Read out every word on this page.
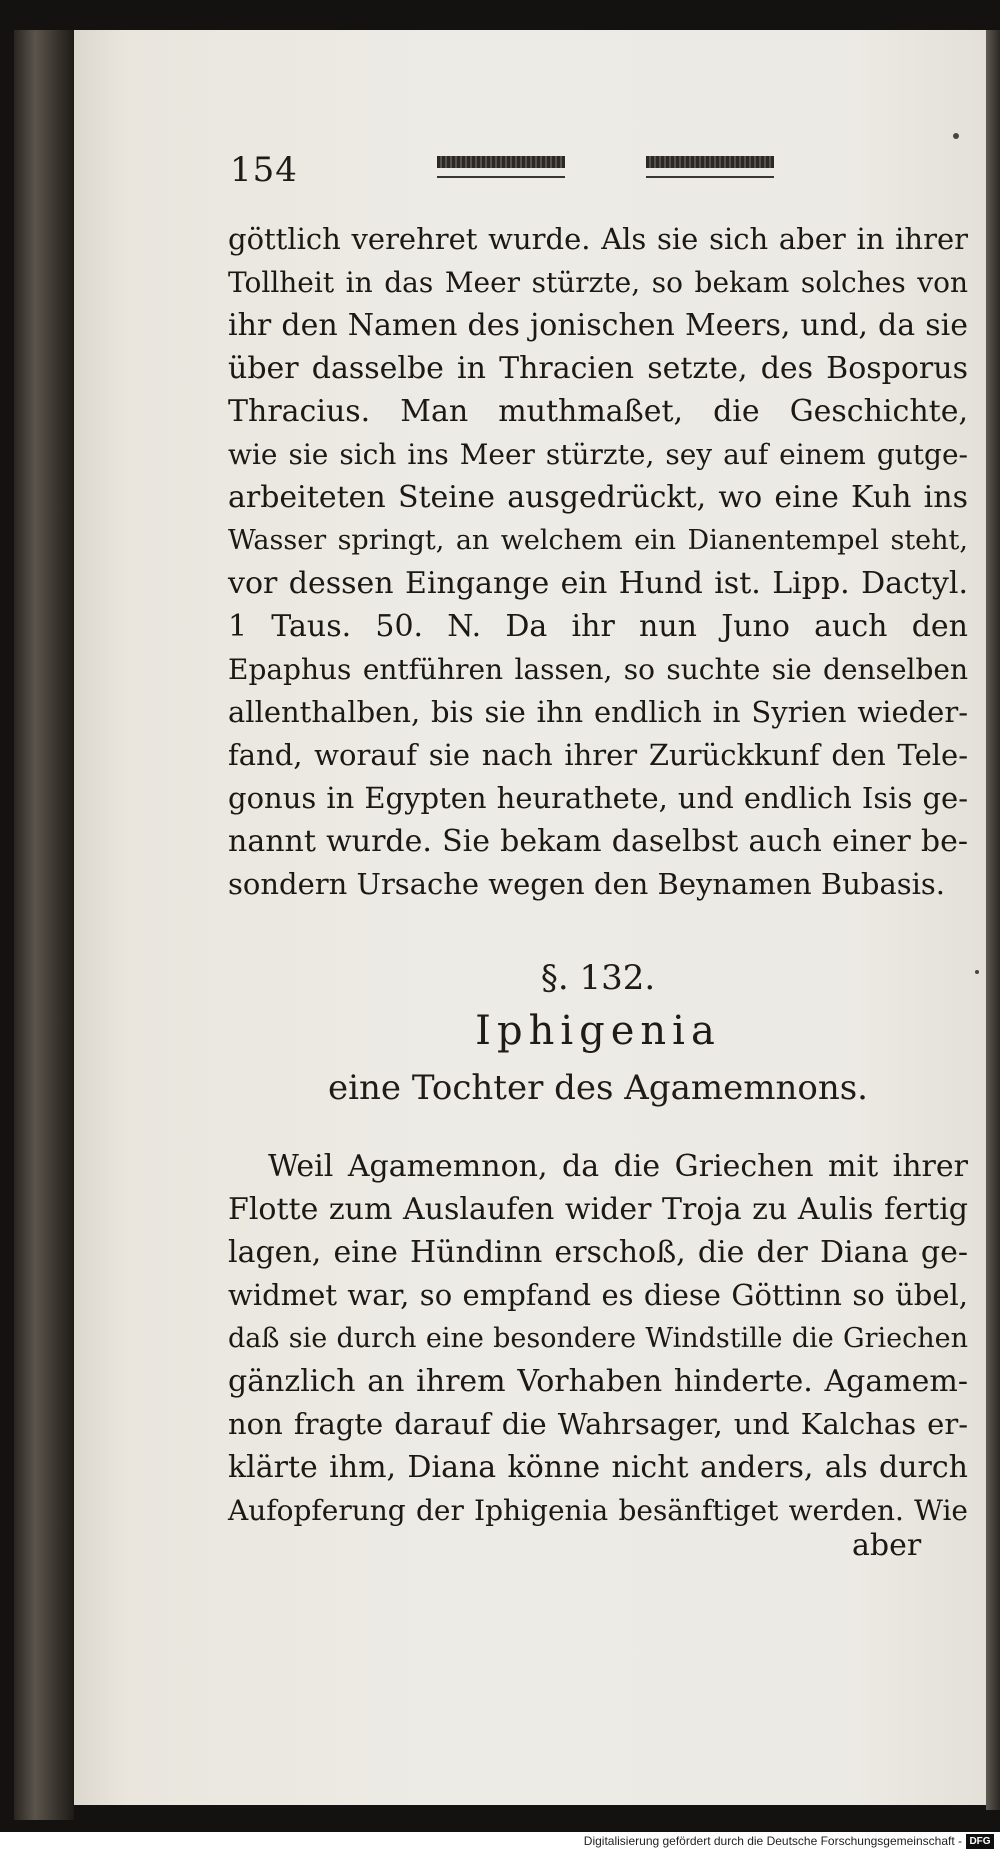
154
göttlich verehret wurde. Als sie sich aber in ihrer
Tollheit in das Meer stürzte, so bekam solches von
ihr den Namen des jonischen Meers, und, da sie
über dasselbe in Thracien setzte, des Bosporus
Thracius. Man muthmaßet, die Geschichte,
wie sie sich ins Meer stürzte, sey auf einem gutge-
arbeiteten Steine ausgedrückt, wo eine Kuh ins
Wasser springt, an welchem ein Dianentempel steht,
vor dessen Eingange ein Hund ist. Lipp. Dactyl.
1 Taus. 50. N. Da ihr nun Juno auch den
Epaphus entführen lassen, so suchte sie denselben
allenthalben, bis sie ihn endlich in Syrien wieder-
fand, worauf sie nach ihrer Zurückkunf den Tele-
gonus in Egypten heurathete, und endlich Isis ge-
nannt wurde. Sie bekam daselbst auch einer be-
sondern Ursache wegen den Beynamen Bubasis.
§. 132.
Iphigenia
eine Tochter des Agamemnons.
Weil Agamemnon, da die Griechen mit ihrer
Flotte zum Auslaufen wider Troja zu Aulis fertig
lagen, eine Hündinn erschoß, die der Diana ge-
widmet war, so empfand es diese Göttinn so übel,
daß sie durch eine besondere Windstille die Griechen
gänzlich an ihrem Vorhaben hinderte. Agamem-
non fragte darauf die Wahrsager, und Kalchas er-
klärte ihm, Diana könne nicht anders, als durch
Aufopferung der Iphigenia besänftiget werden. Wie
aber
Digitalisierung gefördert durch die Deutsche Forschungsgemeinschaft - DFG
